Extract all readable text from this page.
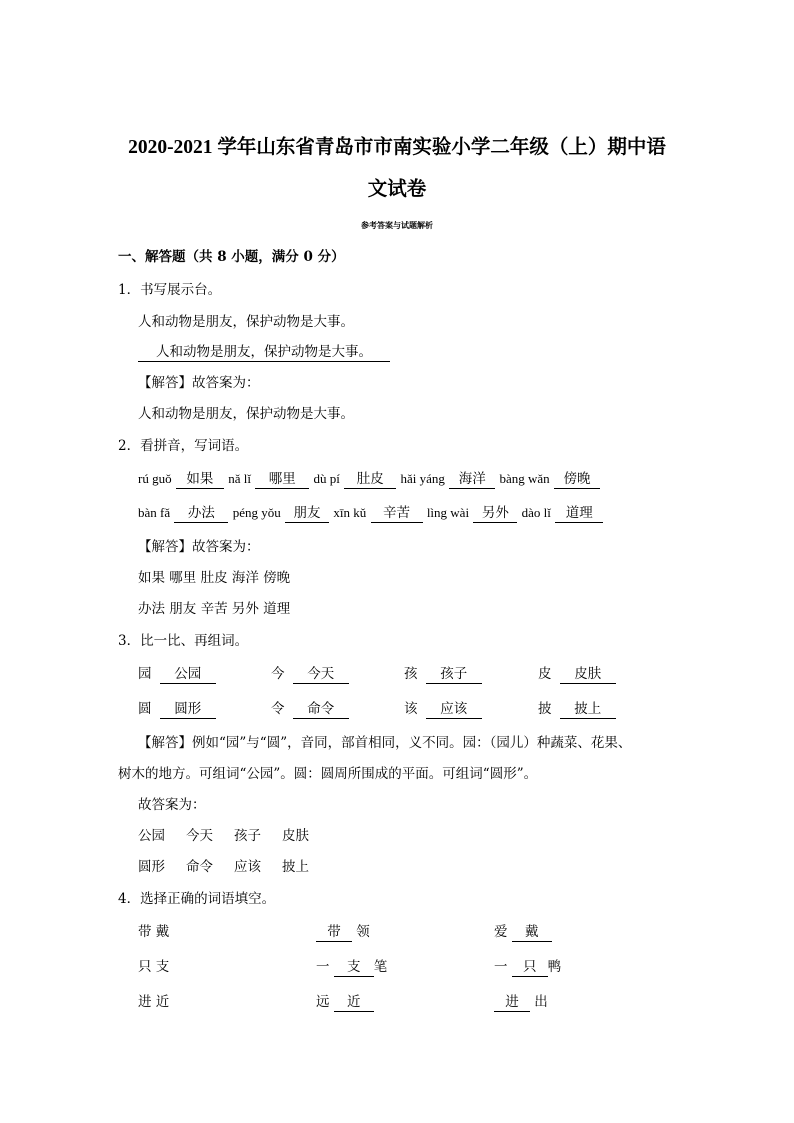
2020-2021 学年山东省青岛市市南实验小学二年级（上）期中语
文试卷
参考答案与试题解析
一、解答题（共 8 小题，满分 0 分）
1．书写展示台。
人和动物是朋友，保护动物是大事。
人和动物是朋友，保护动物是大事。
【解答】故答案为：
人和动物是朋友，保护动物是大事。
2．看拼音，写词语。
rú guǒ 如果 nǎ lǐ 哪里 dù pí 肚皮 hǎi yáng 海洋 bàng wǎn 傍晚
bàn fǎ 办法 péng yǒu 朋友 xīn kǔ 辛苦 lìng wài 另外 dào lǐ 道理
【解答】故答案为：
如果 哪里 肚皮 海洋 傍晚
办法 朋友 辛苦 另外 道理
3．比一比、再组词。
园 公园	今 今天	孩 孩子	皮 皮肤
圆 圆形	令 命令	该 应该	披 披上
【解答】例如“园”与“圆”，音同，部首相同，义不同。园：（园儿）种蔬菜、花果、
树木的地方。可组词“公园”。圆：圆周所围成的平面。可组词“圆形”。
故答案为：
公园 今天 孩子 皮肤
圆形 命令 应该 披上
4．选择正确的词语填空。
带 戴	带 领	爱 戴
只 支	一 支 笔	一 只 鸭
进 近	远 近	进 出
